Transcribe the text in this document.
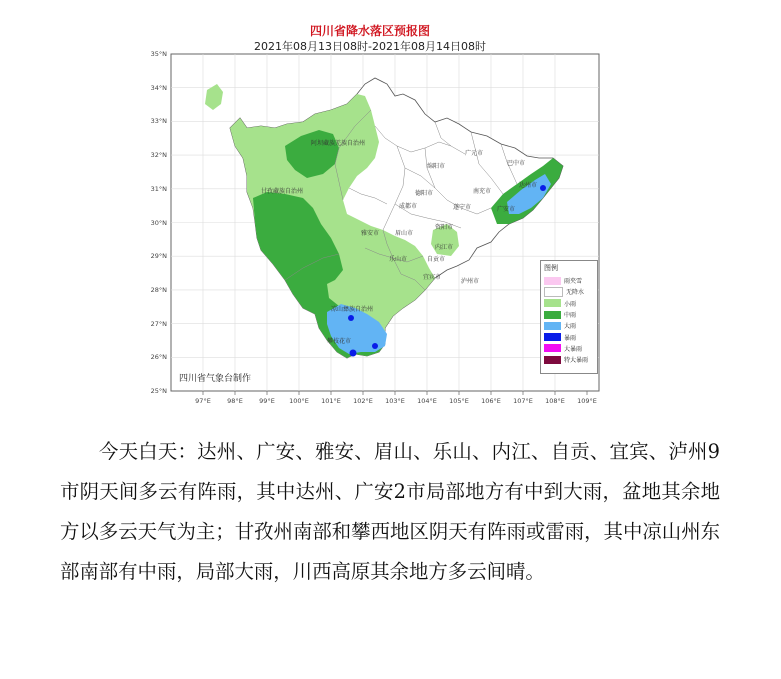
四川省降水落区预报图
2021年08月13日08时-2021年08月14日08时
35°N
34°N
33°N
32°N
31°N
30°N
29°N
28°N
27°N
26°N
25°N
97°E	98°E	99°E	100°E	101°E	102°E	103°E	104°E	105°E	106°E	107°E	108°E	109°E
阿坝藏族羌族自治州
甘孜藏族自治州
绵阳市
广元市
巴中市
达州市
德阳市
遂宁市
成都市
南充市
广安市
眉山市
资阳市
雅安市
内江市
乐山市	自贡市
宜宾市
泸州市
凉山彝族自治州
攀枝花市
四川省气象台制作
图例
雨夹雪
无降水
小雨
中雨
大雨
暴雨
大暴雨
特大暴雨

今天白天：达州、广安、雅安、眉山、乐山、内江、自贡、宜宾、泸州9市阴天间多云有阵雨，其中达州、广安2市局部地方有中到大雨，盆地其余地方以多云天气为主；甘孜州南部和攀西地区阴天有阵雨或雷雨，其中凉山州东部南部有中雨，局部大雨，川西高原其余地方多云间晴。
